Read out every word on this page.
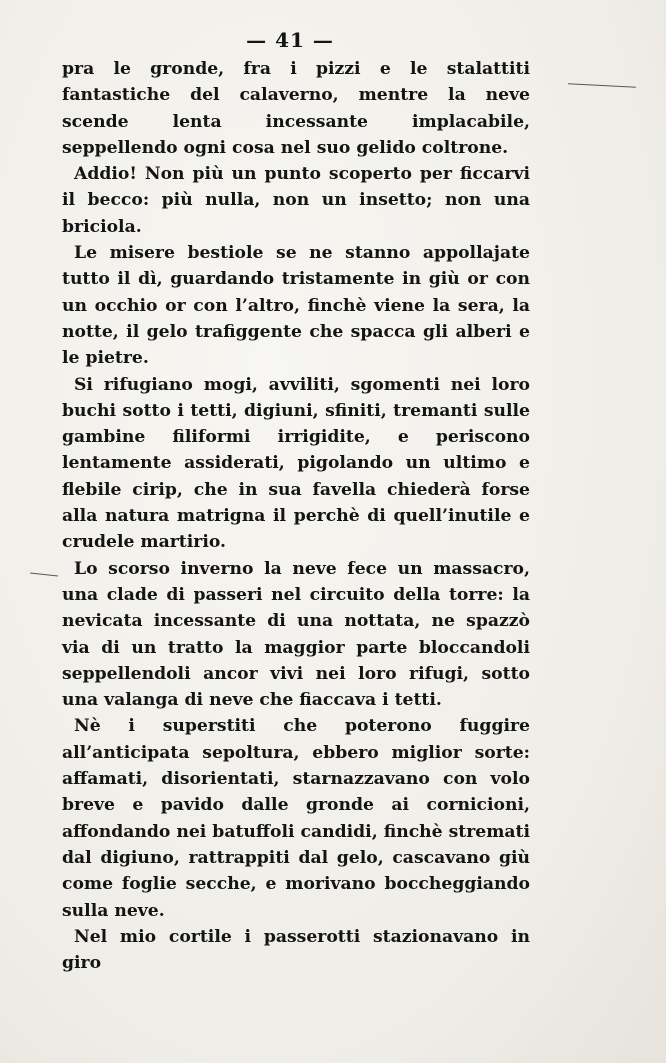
— 41 —

pra le gronde, fra i pizzi e le stalattiti fantastiche del calaverno, mentre la neve scende lenta incessante implacabile, seppellendo ogni cosa nel suo gelido coltrone.

Addio! Non più un punto scoperto per ficcarvi il becco: più nulla, non un insetto; non una briciola.

Le misere bestiole se ne stanno appollajate tutto il dì, guardando tristamente in giù or con un occhio or con l’altro, finchè viene la sera, la notte, il gelo trafiggente che spacca gli alberi e le pietre.

Si rifugiano mogi, avviliti, sgomenti nei loro buchi sotto i tetti, digiuni, sfiniti, tremanti sulle gambine filiformi irrigidite, e periscono lentamente assiderati, pigolando un ultimo e flebile cirip, che in sua favella chiederà forse alla natura matrigna il perchè di quell’inutile e crudele martirio.

Lo scorso inverno la neve fece un massacro, una clade di passeri nel circuito della torre: la nevicata incessante di una nottata, ne spazzò via di un tratto la maggior parte bloccandoli seppellendoli ancor vivi nei loro rifugi, sotto una valanga di neve che fiaccava i tetti.

Nè i superstiti che poterono fuggire all’anticipata sepoltura, ebbero miglior sorte: affamati, disorientati, starnazzavano con volo breve e pavido dalle gronde ai cornicioni, affondando nei batuffoli candidi, finchè stremati dal digiuno, rattrappiti dal gelo, cascavano giù come foglie secche, e morivano boccheggiando sulla neve.

Nel mio cortile i passerotti stazionavano in giro
